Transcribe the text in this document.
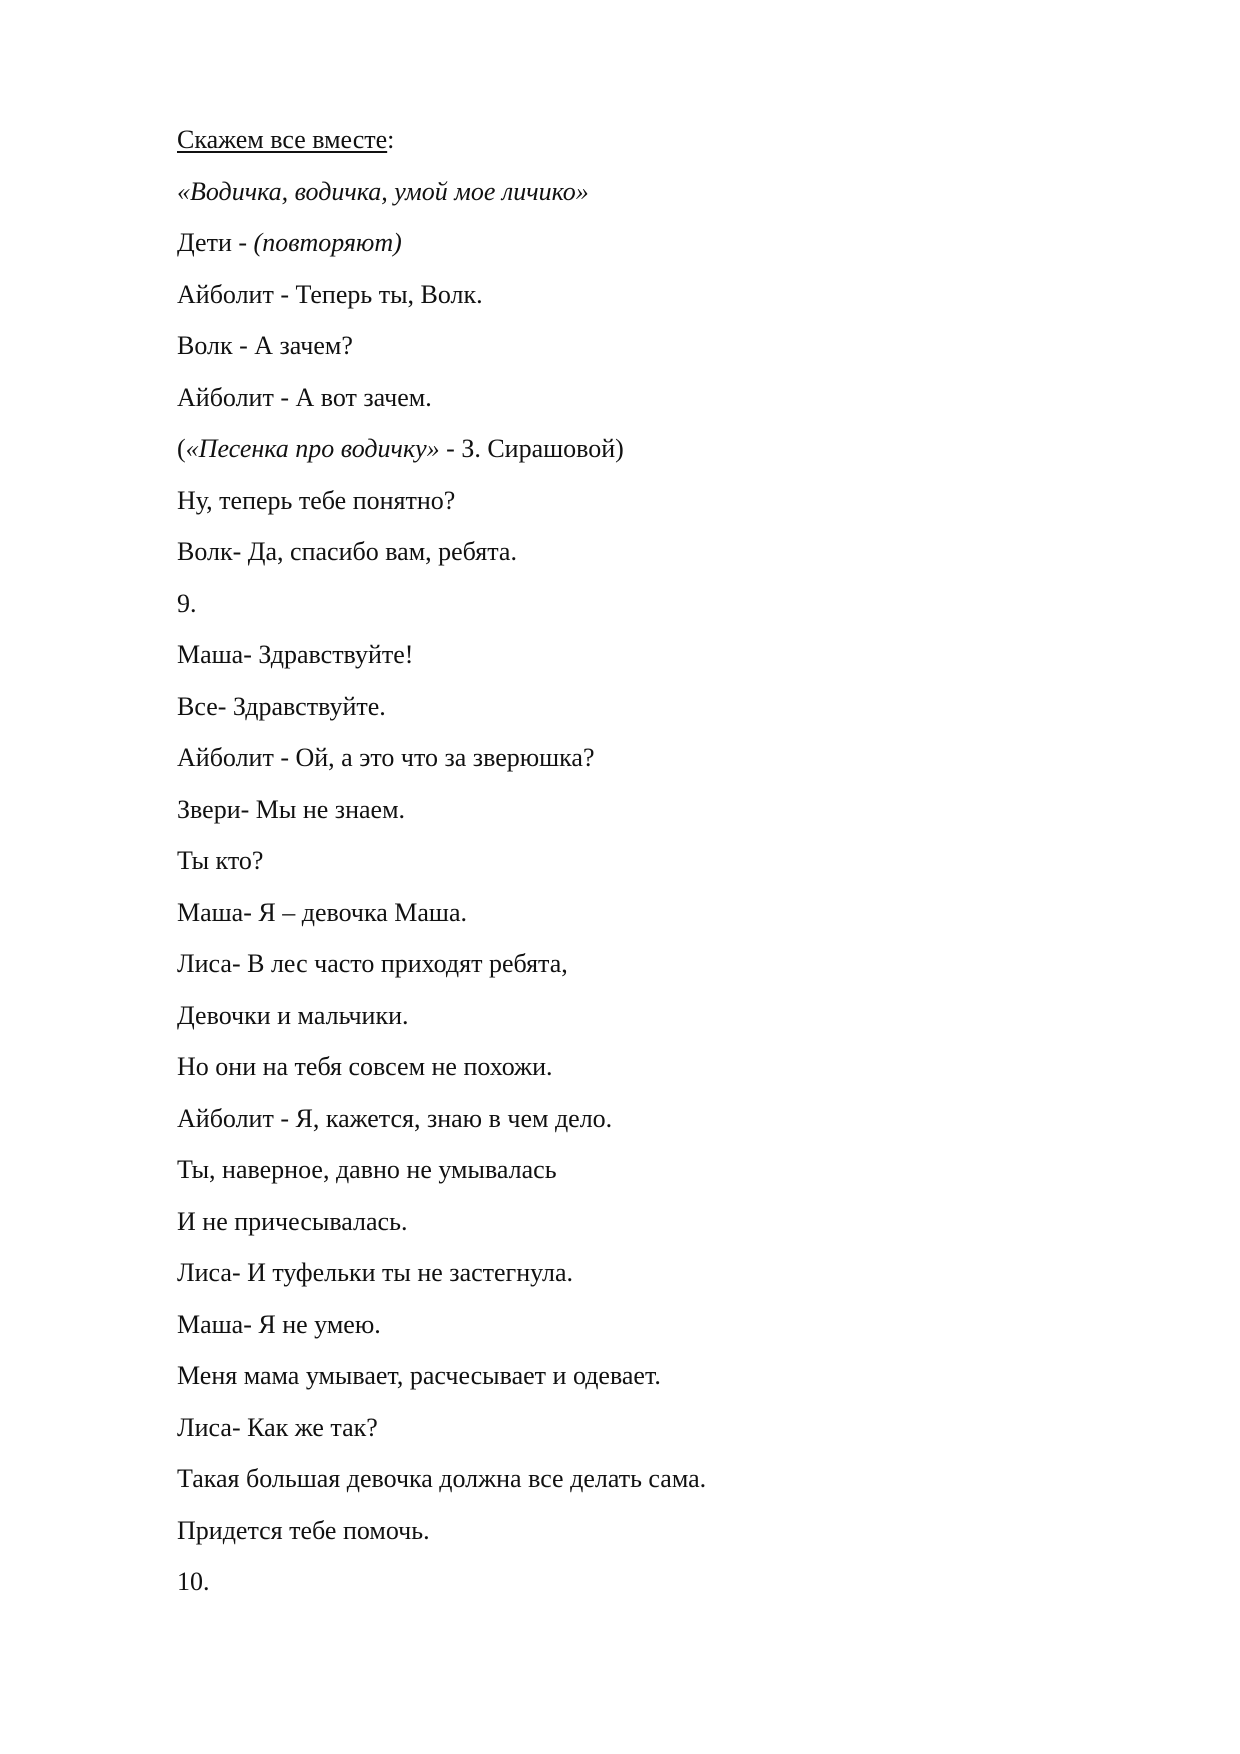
Скажем все вместе:
«Водичка, водичка, умой мое личико»
Дети - (повторяют)
Айболит - Теперь ты, Волк.
Волк - А зачем?
Айболит - А вот зачем.
(«Песенка про водичку» - З. Сирашовой)
Ну, теперь тебе понятно?
Волк- Да, спасибо вам, ребята.
9.
Маша- Здравствуйте!
Все- Здравствуйте.
Айболит - Ой, а это что за зверюшка?
Звери- Мы не знаем.
Ты кто?
Маша- Я – девочка Маша.
Лиса- В лес часто приходят ребята,
Девочки и мальчики.
Но они на тебя совсем не похожи.
Айболит - Я, кажется, знаю в чем дело.
Ты, наверное, давно не умывалась
И не причесывалась.
Лиса- И туфельки ты не застегнула.
Маша- Я не умею.
Меня мама умывает, расчесывает и одевает.
Лиса- Как же так?
Такая большая девочка должна все делать сама.
Придется тебе помочь.
10.
